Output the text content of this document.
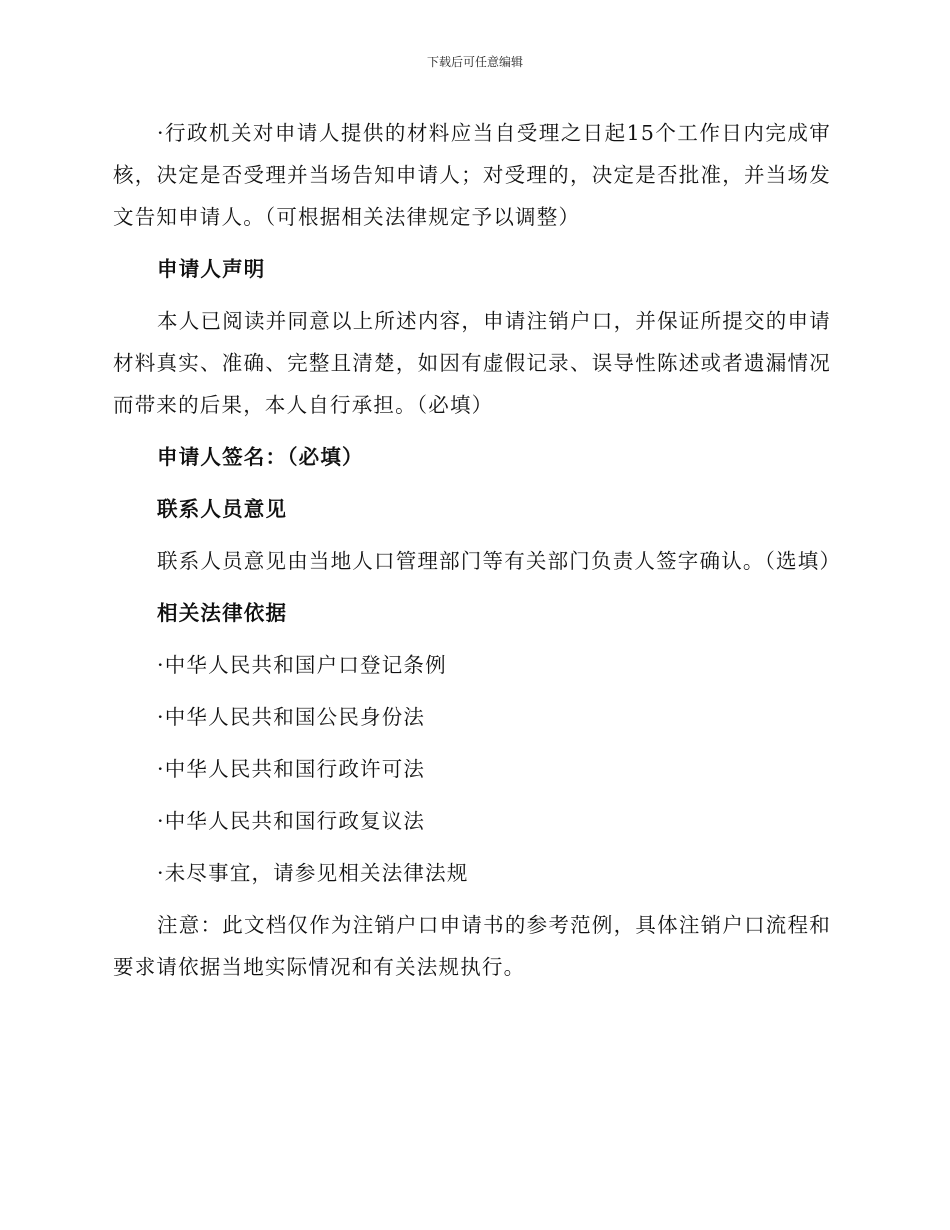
下载后可任意编辑

·行政机关对申请人提供的材料应当自受理之日起15个工作日内完成审核，决定是否受理并当场告知申请人；对受理的，决定是否批准，并当场发文告知申请人。（可根据相关法律规定予以调整）

申请人声明

本人已阅读并同意以上所述内容，申请注销户口，并保证所提交的申请材料真实、准确、完整且清楚，如因有虚假记录、误导性陈述或者遗漏情况而带来的后果，本人自行承担。（必填）

申请人签名：（必填）

联系人员意见

联系人员意见由当地人口管理部门等有关部门负责人签字确认。（选填）

相关法律依据

·中华人民共和国户口登记条例

·中华人民共和国公民身份法

·中华人民共和国行政许可法

·中华人民共和国行政复议法

·未尽事宜，请参见相关法律法规

注意：此文档仅作为注销户口申请书的参考范例，具体注销户口流程和要求请依据当地实际情况和有关法规执行。
